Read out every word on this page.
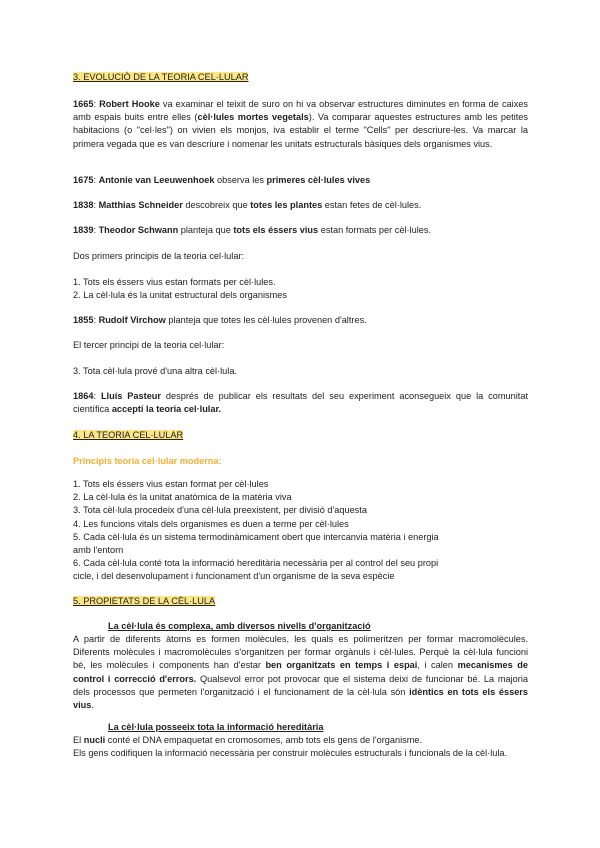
3. EVOLUCIÓ DE LA TEORIA CEL·LULAR
1665: Robert Hooke va examinar el teixit de suro on hi va observar estructures diminutes en forma de caixes amb espais buits entre elles (cèl·lules mortes vegetals). Va comparar aquestes estructures amb les petites habitacions (o "cel·les") on vivien els monjos, iva establir el terme "Cells" per descriure-les. Va marcar la primera vegada que es van descriure i nomenar les unitats estructurals bàsiques dels organismes vius.
1675: Antonie van Leeuwenhoek observa les primeres cèl·lules vives
1838: Matthias Schneider descobreix que totes les plantes estan fetes de cèl·lules.
1839: Theodor Schwann planteja que tots els éssers vius estan formats per cèl·lules.
Dos primers principis de la teoria cel·lular:

1. Tots els éssers vius estan formats per cèl·lules.

2. La cèl·lula és la unitat estructural dels organismes

1855: Rudolf Virchow planteja que totes les cèl·lules provenen d'altres.
El tercer principi de la teoria cel·lular:
3. Tota cèl·lula prové d'una altra cèl·lula.
1864: Lluís Pasteur després de publicar els resultats del seu experiment aconsegueix que la comunitat científica acceptí la teoria cel·lular.
4. LA TEORIA CEL·LULAR
Principis teoria cel·lular moderna:

1. Tots els éssers vius estan format per cèl·lules

2. La cèl·lula és la unitat anatòmica de la matèria viva

3. Tota cèl·lula procedeix d'una cèl·lula preexistent, per divisió d'aquesta

4. Les funcions vitals dels organismes es duen a terme per cèl·lules

5. Cada cèl·lula és un sistema termodinàmicament obert que intercanvia matèria i energia

amb l'entorn

6. Cada cèl·lula conté tota la informació hereditària necessària per al control del seu propi

cicle, i del desenvolupament i funcionament d'un organisme de la seva espècie

5. PROPIETATS DE LA CÈL·LULA
La cèl·lula és complexa, amb diversos nivells d'organització
A partir de diferents àtoms es formen molècules, les quals es polimeritzen per formar macromolècules. Diferents molècules i macromolècules s'organitzen per formar orgànuls i cèl·lules. Perquè la cèl·lula funcioni bé, les molècules i components han d'estar ben organitzats en temps i espai, i calen mecanismes de control i correcció d'errors. Qualsevol error pot provocar que el sistema deixi de funcionar bé. La majoria dels processos que permeten l'organització i el funcionament de la cèl·lula són idèntics en tots els éssers vius.
La cèl·lula posseeix tota la informació hereditària

El nucli conté el DNA empaquetat en cromosomes, amb tots els gens de l'organisme.

Els gens codifiquen la informació necessària per construir molècules estructurals i funcionals de la cèl·lula.
